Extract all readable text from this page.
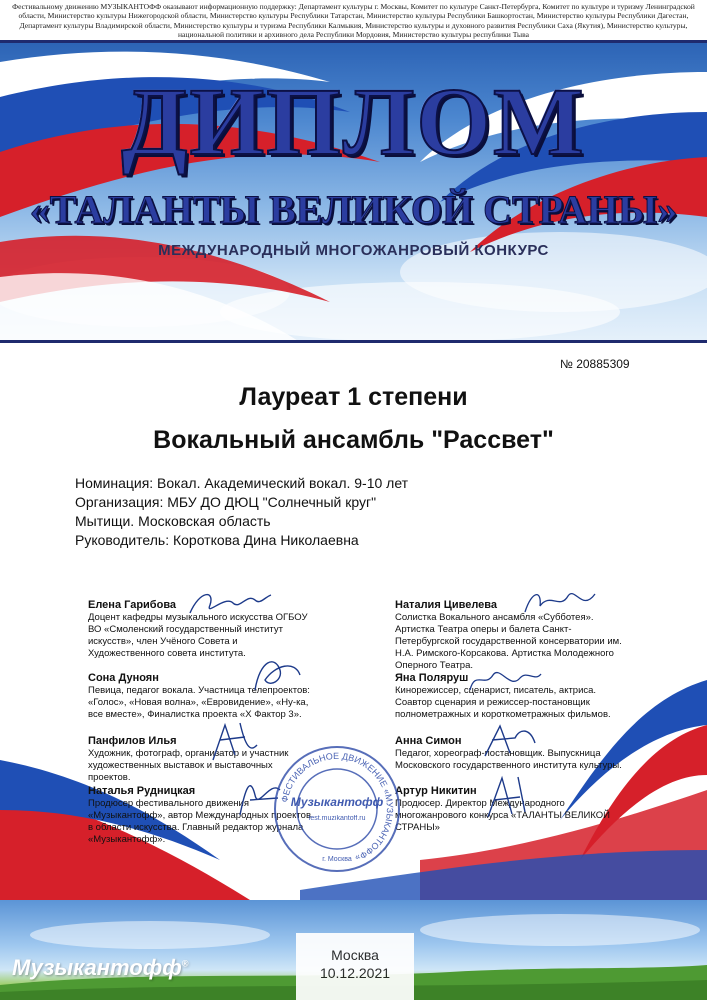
Фестивальному движению МУЗЫКАНТОФФ оказывают информационную поддержку: Департамент культуры г. Москвы, Комитет по культуре Санкт-Петербурга, Комитет по культуре и туризму Ленинградской области, Министерство культуры Нижегородской области, Министерство культуры Республики Татарстан, Министерство культуры Республики Башкортостан, Министерство культуры Республики Дагестан, Департамент культуры Владимирской области, Министерство культуры и туризма Республики Калмыкия, Министерство культуры и духовного развития Республики Саха (Якутия), Министерство культуры, национальной политики и архивного дела Республики Мордовия, Министерство культуры республики Тыва
ДИПЛОМ
«ТАЛАНТЫ ВЕЛИКОЙ СТРАНЫ»
МЕЖДУНАРОДНЫЙ МНОГОЖАНРОВЫЙ КОНКУРС
№ 20885309
Лауреат 1 степени
Вокальный ансамбль "Рассвет"
Номинация: Вокал. Академический вокал. 9-10 лет
Организация: МБУ ДО ДЮЦ "Солнечный круг"
Мытищи. Московская область
Руководитель: Короткова Дина Николаевна
Елена Гарибова
Доцент кафедры музыкального искусства ОГБОУ ВО «Смоленский государственный институт искусств», член Учёного Совета и Художественного совета института.
Сона Дуноян
Певица, педагог вокала. Участница телепроектов: «Голос», «Новая волна», «Евровидение», «Ну-ка, все вместе», Финалистка проекта «Х Фактор 3».
Панфилов Илья
Художник, фотограф, организатор и участник художественных выставок и выставочных проектов.
Наталья Рудницкая
Продюсер фестивального движения «Музыкантофф», автор Международных проектов в области искусства. Главный редактор журнала «Музыкантофф».
Наталия Цивелева
Солистка Вокального ансамбля «Субботея». Артистка Театра оперы и балета Санкт-Петербургской государственной консерватории им. Н.А. Римского-Корсакова. Артистка Молодежного Оперного Театра.
Яна Поляруш
Кинорежиссер, сценарист, писатель, актриса. Соавтор сценария и режиссер-постановщик полнометражных и короткометражных фильмов.
Анна Симон
Педагог, хореограф-постановщик. Выпускница Московского государственного института культуры.
Артур Никитин
Продюсер. Директор Международного многожанрового конкурса «ТАЛАНТЫ ВЕЛИКОЙ СТРАНЫ»
ФЕСТИВАЛЬНОЕ ДВИЖЕНИЕ «МУЗЫКАНТОФФ»
Музыкантофф
fest.muzikantoff.ru
г. Москва
Москва
10.12.2021
Музыкантофф®
